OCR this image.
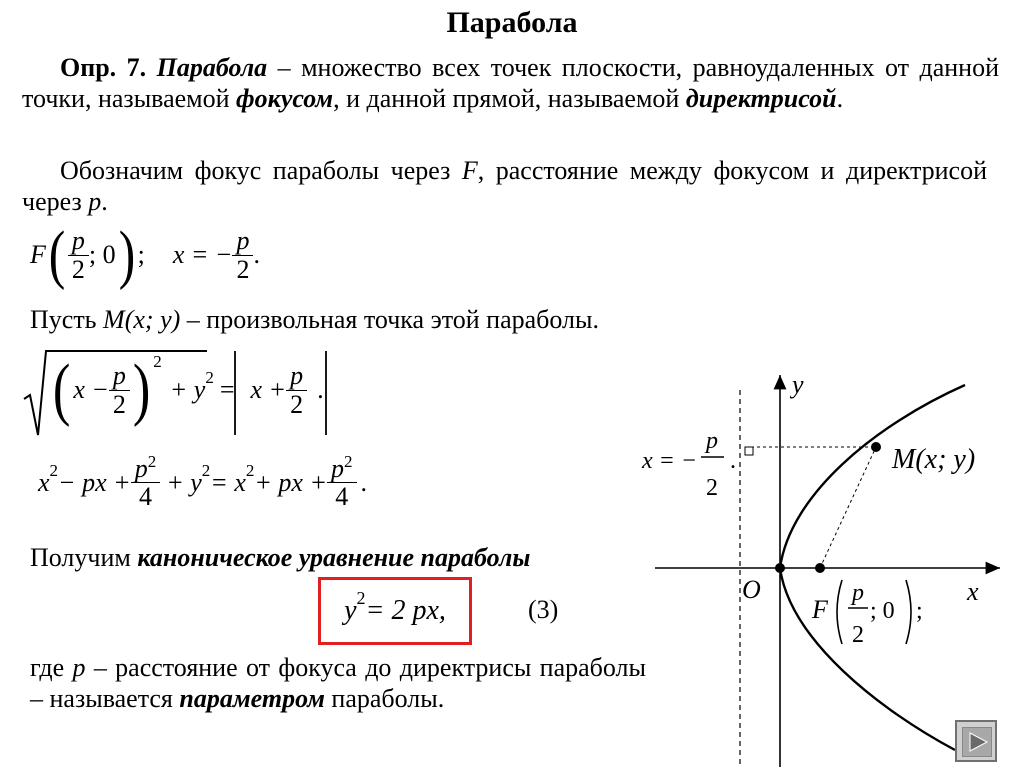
Парабола
Опр. 7. Парабола – множество всех точек плоскости, равноудаленных от данной точки, называемой фокусом, и данной прямой, называемой директрисой.
Обозначим фокус параболы через F, расстояние между фокусом и директрисой через p.
F ( $\frac{p}{2}$ ; 0 ) ; x = − $\frac{p}{2}$ .
Пусть M(x; y) – произвольная точка этой параболы.
( $x - \frac{p}{2}$ ) 2
+ y $2 = x + \frac{p}{2}$ .
x 2 − px + $\frac{p^2}{4} + y$ 2 = x 2 + px + $\frac{p^2}{4}$ .
Получим каноническое уравнение параболы
y 2 = 2 px,	(3)
где p – расстояние от фокуса до директрисы параболы – называется параметром параболы.
y
x
O
M(x; y)
x = −
p
2
.
F
p
2
; 0 ;
